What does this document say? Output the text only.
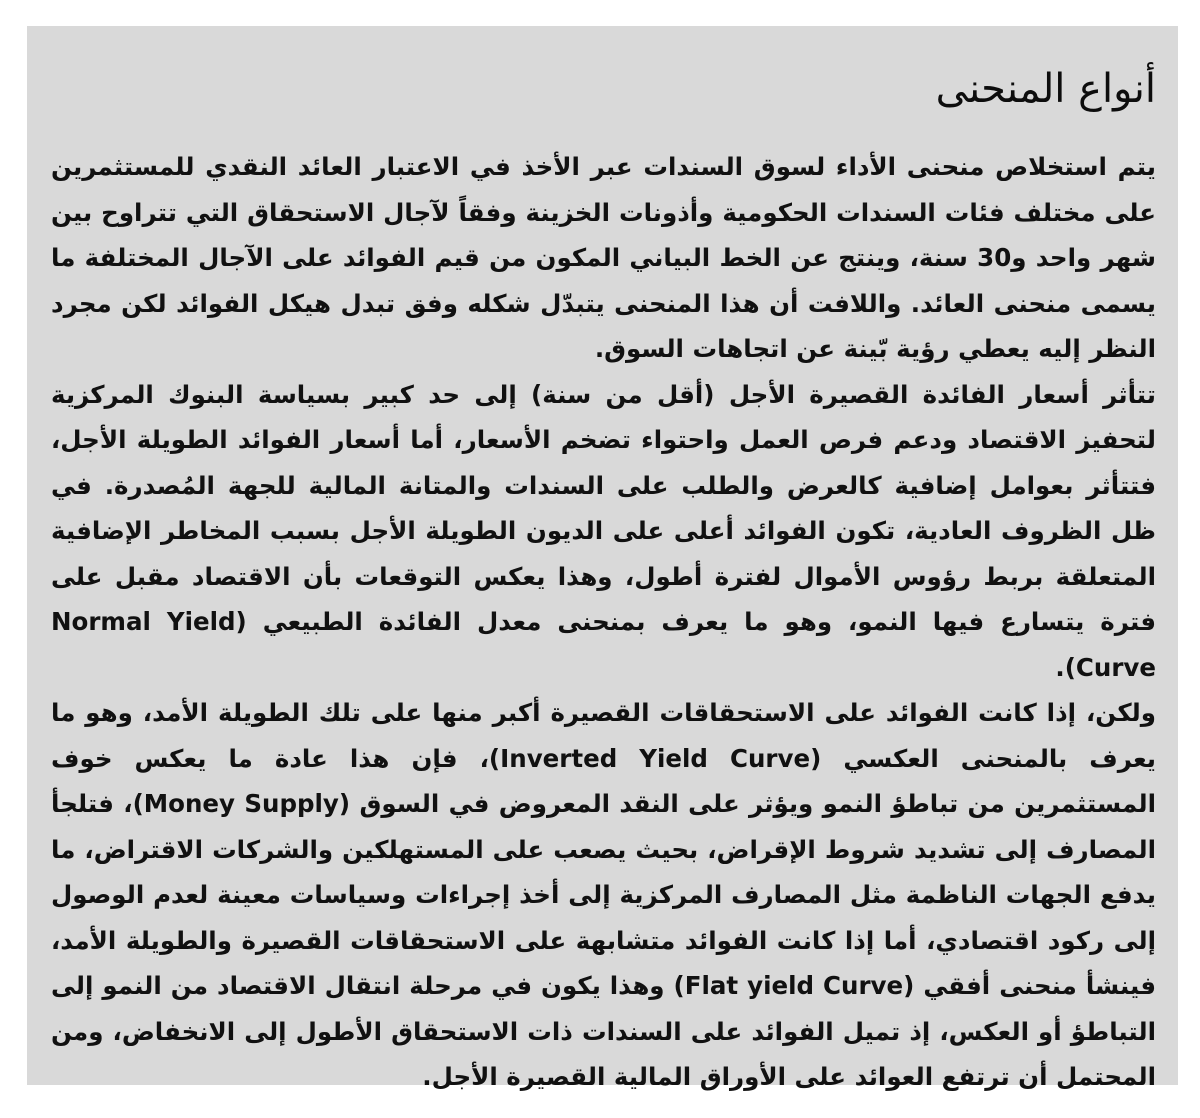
أنواع المنحنى

يتم استخلاص منحنى الأداء لسوق السندات عبر الأخذ في الاعتبار العائد النقدي للمستثمرين على مختلف فئات السندات الحكومية وأذونات الخزينة وفقاً لآجال الاستحقاق التي تتراوح بين شهر واحد و30 سنة، وينتج عن الخط البياني المكون من قيم الفوائد على الآجال المختلفة ما يسمى منحنى العائد. واللافت أن هذا المنحنى يتبدّل شكله وفق تبدل هيكل الفوائد لكن مجرد النظر إليه يعطي رؤية بّينة عن اتجاهات السوق.

تتأثر أسعار الفائدة القصيرة الأجل (أقل من سنة) إلى حد كبير بسياسة البنوك المركزية لتحفيز الاقتصاد ودعم فرص العمل واحتواء تضخم الأسعار، أما أسعار الفوائد الطويلة الأجل، فتتأثر بعوامل إضافية كالعرض والطلب على السندات والمتانة المالية للجهة المُصدرة. في ظل الظروف العادية، تكون الفوائد أعلى على الديون الطويلة الأجل بسبب المخاطر الإضافية المتعلقة بربط رؤوس الأموال لفترة أطول، وهذا يعكس التوقعات بأن الاقتصاد مقبل على فترة يتسارع فيها النمو، وهو ما يعرف بمنحنى معدل الفائدة الطبيعي (Normal Yield Curve).

ولكن، إذا كانت الفوائد على الاستحقاقات القصيرة أكبر منها على تلك الطويلة الأمد، وهو ما يعرف بالمنحنى العكسي (Inverted Yield Curve)، فإن هذا عادة ما يعكس خوف المستثمرين من تباطؤ النمو ويؤثر على النقد المعروض في السوق (Money Supply)، فتلجأ المصارف إلى تشديد شروط الإقراض، بحيث يصعب على المستهلكين والشركات الاقتراض، ما يدفع الجهات الناظمة مثل المصارف المركزية إلى أخذ إجراءات وسياسات معينة لعدم الوصول إلى ركود اقتصادي، أما إذا كانت الفوائد متشابهة على الاستحقاقات القصيرة والطويلة الأمد، فينشأ منحنى أفقي (Flat yield Curve) وهذا يكون في مرحلة انتقال الاقتصاد من النمو إلى التباطؤ أو العكس، إذ تميل الفوائد على السندات ذات الاستحقاق الأطول إلى الانخفاض، ومن المحتمل أن ترتفع العوائد على الأوراق المالية القصيرة الأجل.
